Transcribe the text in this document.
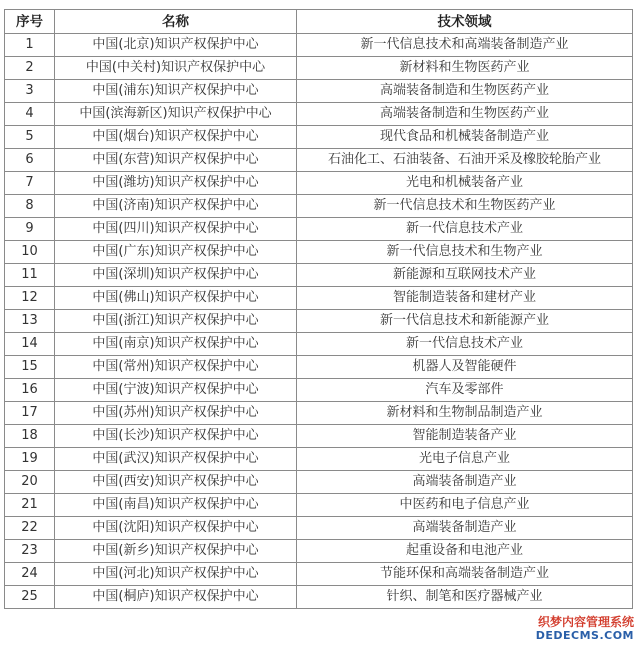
序号	名称	技术领域
1	中国(北京)知识产权保护中心	新一代信息技术和高端装备制造产业
2	中国(中关村)知识产权保护中心	新材料和生物医药产业
3	中国(浦东)知识产权保护中心	高端装备制造和生物医药产业
4	中国(滨海新区)知识产权保护中心	高端装备制造和生物医药产业
5	中国(烟台)知识产权保护中心	现代食品和机械装备制造产业
6	中国(东营)知识产权保护中心	石油化工、石油装备、石油开采及橡胶轮胎产业
7	中国(潍坊)知识产权保护中心	光电和机械装备产业
8	中国(济南)知识产权保护中心	新一代信息技术和生物医药产业
9	中国(四川)知识产权保护中心	新一代信息技术产业
10	中国(广东)知识产权保护中心	新一代信息技术和生物产业
11	中国(深圳)知识产权保护中心	新能源和互联网技术产业
12	中国(佛山)知识产权保护中心	智能制造装备和建材产业
13	中国(浙江)知识产权保护中心	新一代信息技术和新能源产业
14	中国(南京)知识产权保护中心	新一代信息技术产业
15	中国(常州)知识产权保护中心	机器人及智能硬件
16	中国(宁波)知识产权保护中心	汽车及零部件
17	中国(苏州)知识产权保护中心	新材料和生物制品制造产业
18	中国(长沙)知识产权保护中心	智能制造装备产业
19	中国(武汉)知识产权保护中心	光电子信息产业
20	中国(西安)知识产权保护中心	高端装备制造产业
21	中国(南昌)知识产权保护中心	中医药和电子信息产业
22	中国(沈阳)知识产权保护中心	高端装备制造产业
23	中国(新乡)知识产权保护中心	起重设备和电池产业
24	中国(河北)知识产权保护中心	节能环保和高端装备制造产业
25	中国(桐庐)知识产权保护中心	针织、制笔和医疗器械产业
织梦内容管理系统
DEDECMS.COM
